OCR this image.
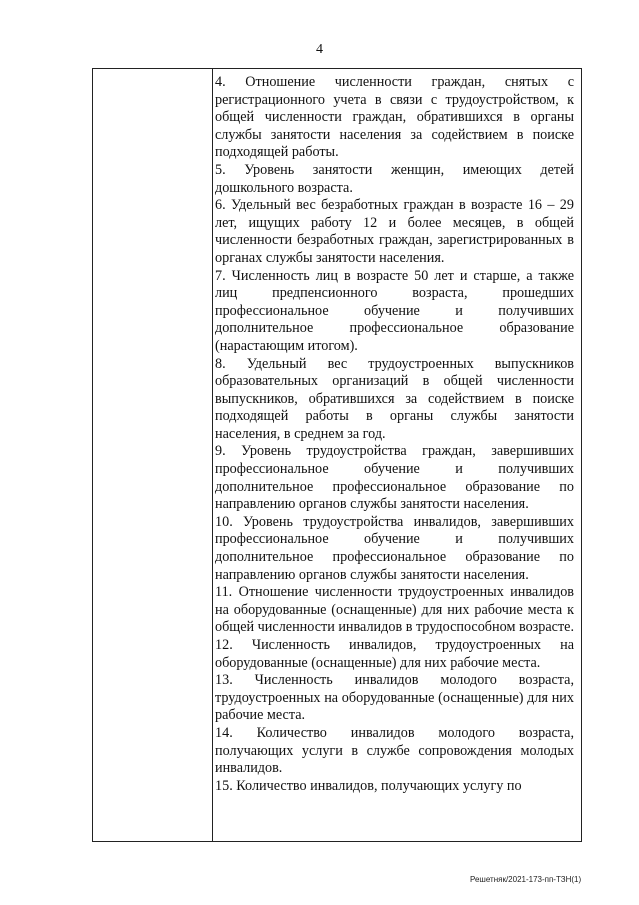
4

4. Отношение численности граждан, снятых с регистрационного учета в связи с трудоустройством, к общей численности граждан, обратившихся в органы службы занятости населения за содействием в поиске подходящей работы.

5. Уровень занятости женщин, имеющих детей дошкольного возраста.

6. Удельный вес безработных граждан в возрасте 16 – 29 лет, ищущих работу 12 и более месяцев, в общей численности безработных граждан, зарегистрированных в органах службы занятости населения.

7. Численность лиц в возрасте 50 лет и старше, а также лиц предпенсионного возраста, прошедших профессиональное обучение и получивших дополнительное профессиональное образование (нарастающим итогом).

8. Удельный вес трудоустроенных выпускников образовательных организаций в общей численности выпускников, обратившихся за содействием в поиске подходящей работы в органы службы занятости населения, в среднем за год.

9. Уровень трудоустройства граждан, завершивших профессиональное обучение и получивших дополнительное профессиональное образование по направлению органов службы занятости населения.

10. Уровень трудоустройства инвалидов, завершивших профессиональное обучение и получивших дополнительное профессиональное образование по направлению органов службы занятости населения.

11. Отношение численности трудоустроенных инвалидов на оборудованные (оснащенные) для них рабочие места к общей численности инвалидов в трудоспособном возрасте.

12. Численность инвалидов, трудоустроенных на оборудованные (оснащенные) для них рабочие места.

13. Численность инвалидов молодого возраста, трудоустроенных на оборудованные (оснащенные) для них рабочие места.

14. Количество инвалидов молодого возраста, получающих услуги в службе сопровождения молодых инвалидов.

15. Количество инвалидов, получающих услугу по

Решетняк/2021-173-пп-ТЗН(1)
